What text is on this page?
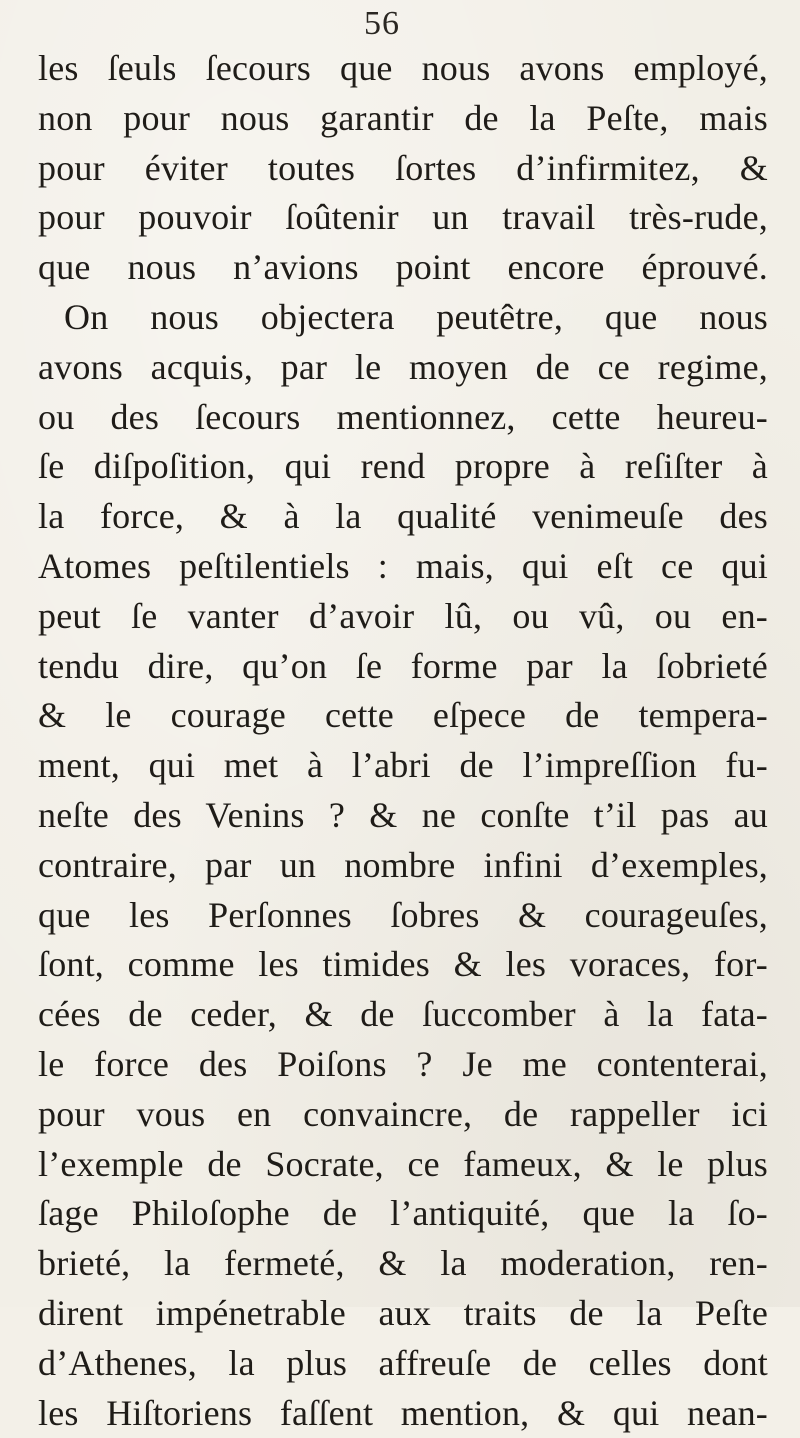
56
les ſeuls ſecours que nous avons employé,
non pour nous garantir de la Peſte, mais
pour éviter toutes ſortes d’infirmitez, &
pour pouvoir ſoûtenir un travail très-rude,
que nous n’avions point encore éprouvé.
On nous objectera peutêtre, que nous
avons acquis, par le moyen de ce regime,
ou des ſecours mentionnez, cette heureu-
ſe diſpoſition, qui rend propre à reſiſter à
la force, & à la qualité venimeuſe des
Atomes peſtilentiels : mais, qui eſt ce qui
peut ſe vanter d’avoir lû, ou vû, ou en-
tendu dire, qu’on ſe forme par la ſobrieté
& le courage cette eſpece de tempera-
ment, qui met à l’abri de l’impreſſion fu-
neſte des Venins ? & ne conſte t’il pas au
contraire, par un nombre infini d’exemples,
que les Perſonnes ſobres & courageuſes,
ſont, comme les timides & les voraces, for-
cées de ceder, & de ſuccomber à la fata-
le force des Poiſons ? Je me contenterai,
pour vous en convaincre, de rappeller ici
l’exemple de Socrate, ce fameux, & le plus
ſage Philoſophe de l’antiquité, que la ſo-
brieté, la fermeté, & la moderation, ren-
dirent impénetrable aux traits de la Peſte
d’Athenes, la plus affreuſe de celles dont
les Hiſtoriens faſſent mention, & qui nean-
